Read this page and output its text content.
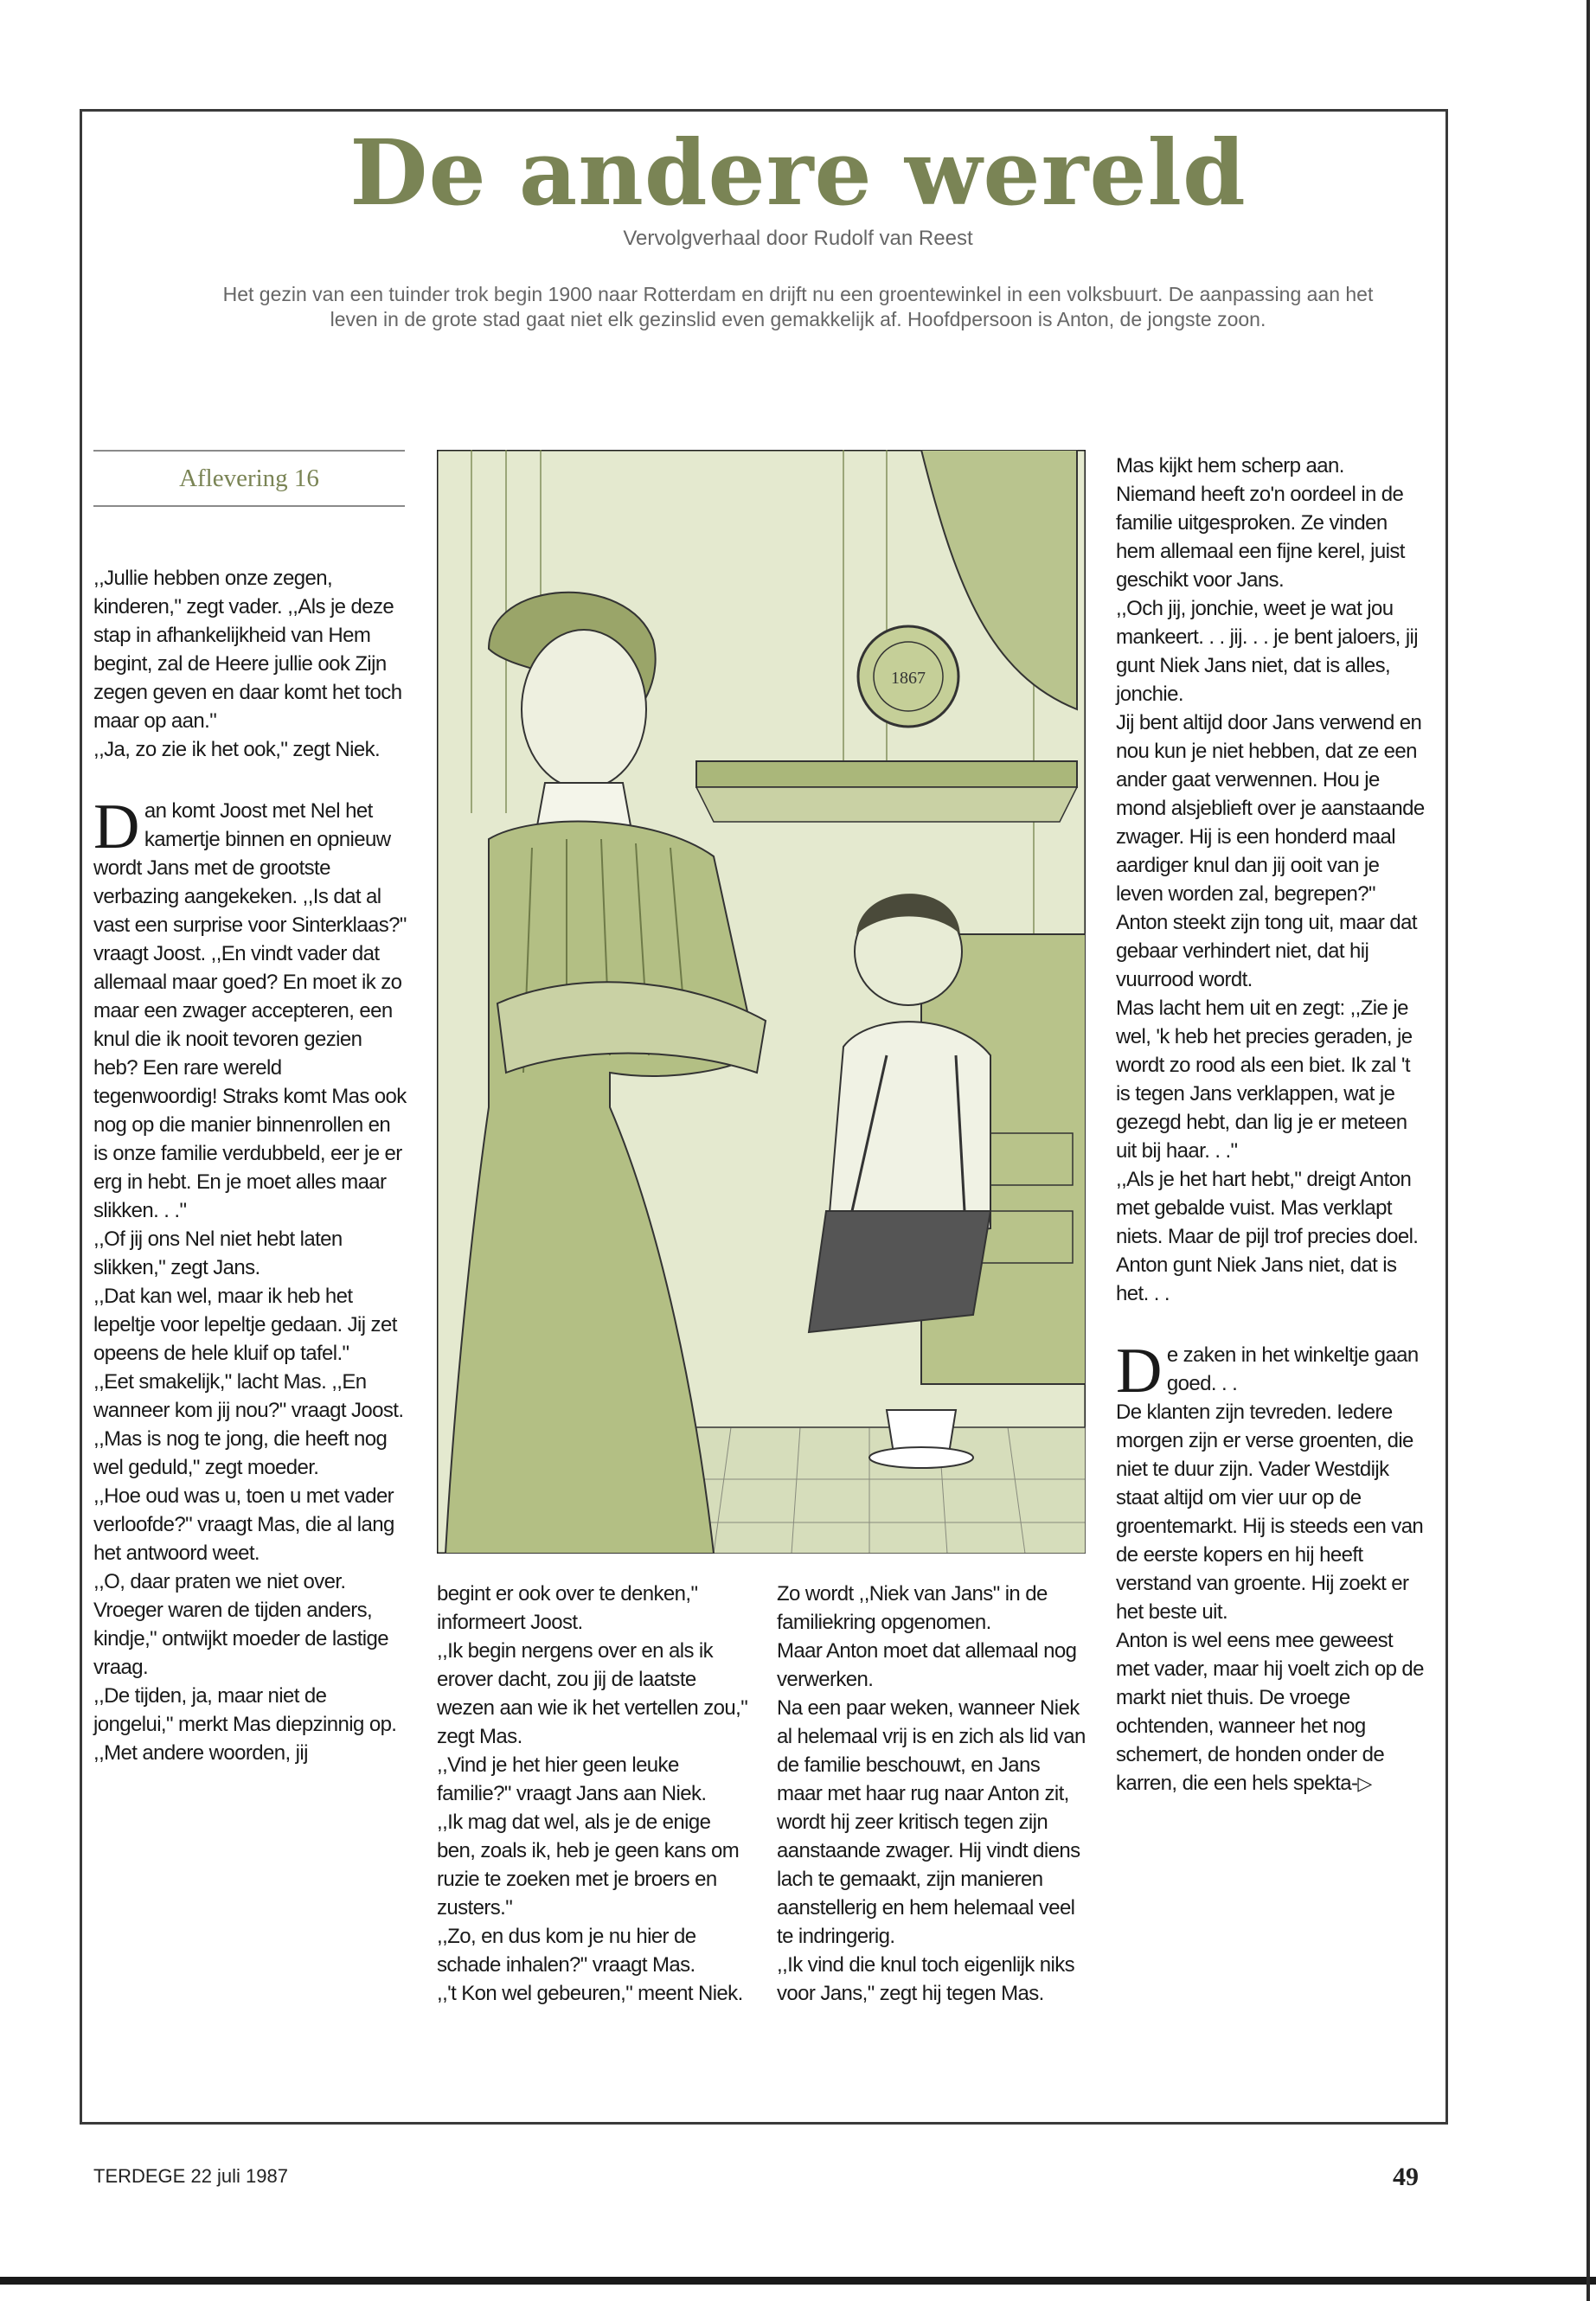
De andere wereld
Vervolgverhaal door Rudolf van Reest
Het gezin van een tuinder trok begin 1900 naar Rotterdam en drijft nu een groentewinkel in een volksbuurt. De aanpassing aan het leven in de grote stad gaat niet elk gezinslid even gemakkelijk af. Hoofdpersoon is Anton, de jongste zoon.
Aflevering 16

,,Jullie hebben onze zegen, kinderen," zegt vader. ,,Als je deze stap in afhankelijkheid van Hem begint, zal de Heere jullie ook Zijn zegen geven en daar komt het toch maar op aan."

,,Ja, zo zie ik het ook," zegt Niek.

Dan komt Joost met Nel het kamertje binnen en opnieuw wordt Jans met de grootste verbazing aangekeken. ,,Is dat al vast een surprise voor Sinterklaas?" vraagt Joost. ,,En vindt vader dat allemaal maar goed? En moet ik zo maar een zwager accepteren, een knul die ik nooit tevoren gezien heb? Een rare wereld tegenwoordig! Straks komt Mas ook nog op die manier binnenrollen en is onze familie verdubbeld, eer je er erg in hebt. En je moet alles maar slikken. . ."

,,Of jij ons Nel niet hebt laten slikken," zegt Jans.

,,Dat kan wel, maar ik heb het lepeltje voor lepeltje gedaan. Jij zet opeens de hele kluif op tafel."

,,Eet smakelijk," lacht Mas. ,,En wanneer kom jij nou?" vraagt Joost.

,,Mas is nog te jong, die heeft nog wel geduld," zegt moeder.

,,Hoe oud was u, toen u met vader verloofde?" vraagt Mas, die al lang het antwoord weet.

,,O, daar praten we niet over. Vroeger waren de tijden anders, kindje," ontwijkt moeder de lastige vraag.

,,De tijden, ja, maar niet de jongelui," merkt Mas diepzinnig op.

,,Met andere woorden, jij

1867

begint er ook over te denken," informeert Joost.

,,Ik begin nergens over en als ik erover dacht, zou jij de laatste wezen aan wie ik het vertellen zou," zegt Mas.

,,Vind je het hier geen leuke familie?" vraagt Jans aan Niek.

,,Ik mag dat wel, als je de enige ben, zoals ik, heb je geen kans om ruzie te zoeken met je broers en zusters."

,,Zo, en dus kom je nu hier de schade inhalen?" vraagt Mas.

,,'t Kon wel gebeuren," meent Niek.

Zo wordt ,,Niek van Jans" in de familiekring opgenomen.

Maar Anton moet dat allemaal nog verwerken.

Na een paar weken, wanneer Niek al helemaal vrij is en zich als lid van de familie beschouwt, en Jans maar met haar rug naar Anton zit, wordt hij zeer kritisch tegen zijn aanstaande zwager. Hij vindt diens lach te gemaakt, zijn manieren aanstellerig en hem helemaal veel te indringerig.

,,Ik vind die knul toch eigenlijk niks voor Jans," zegt hij tegen Mas.

Mas kijkt hem scherp aan. Niemand heeft zo'n oordeel in de familie uitgesproken. Ze vinden hem allemaal een fijne kerel, juist geschikt voor Jans.

,,Och jij, jonchie, weet je wat jou mankeert. . . jij. . . je bent jaloers, jij gunt Niek Jans niet, dat is alles, jonchie.

Jij bent altijd door Jans verwend en nou kun je niet hebben, dat ze een ander gaat verwennen. Hou je mond alsjeblieft over je aanstaande zwager. Hij is een honderd maal aardiger knul dan jij ooit van je leven worden zal, begrepen?"

Anton steekt zijn tong uit, maar dat gebaar verhindert niet, dat hij vuurrood wordt.

Mas lacht hem uit en zegt: ,,Zie je wel, 'k heb het precies geraden, je wordt zo rood als een biet. Ik zal 't is tegen Jans verklappen, wat je gezegd hebt, dan lig je er meteen uit bij haar. . ."

,,Als je het hart hebt," dreigt Anton met gebalde vuist. Mas verklapt niets. Maar de pijl trof precies doel.

Anton gunt Niek Jans niet, dat is het. . .

De zaken in het winkeltje gaan goed. . .

De klanten zijn tevreden. Iedere morgen zijn er verse groenten, die niet te duur zijn. Vader Westdijk staat altijd om vier uur op de groentemarkt. Hij is steeds een van de eerste kopers en hij heeft verstand van groente. Hij zoekt er het beste uit.

Anton is wel eens mee geweest met vader, maar hij voelt zich op de markt niet thuis. De vroege ochtenden, wanneer het nog schemert, de honden onder de karren, die een hels spekta-▷

TERDEGE 22 juli 1987	49
